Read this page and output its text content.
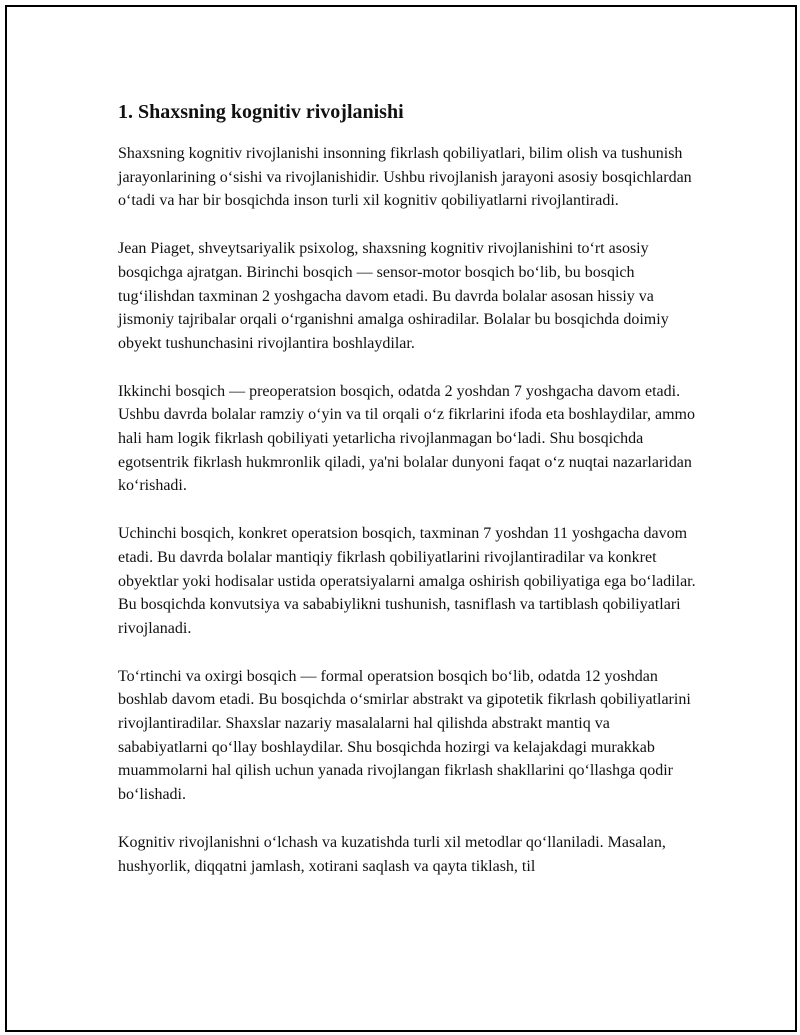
1. Shaxsning kognitiv rivojlanishi

Shaxsning kognitiv rivojlanishi insonning fikrlash qobiliyatlari, bilim olish va tushunish jarayonlarining o‘sishi va rivojlanishidir. Ushbu rivojlanish jarayoni asosiy bosqichlardan o‘tadi va har bir bosqichda inson turli xil kognitiv qobiliyatlarni rivojlantiradi.

Jean Piaget, shveytsariyalik psixolog, shaxsning kognitiv rivojlanishini to‘rt asosiy bosqichga ajratgan. Birinchi bosqich — sensor-motor bosqich bo‘lib, bu bosqich tug‘ilishdan taxminan 2 yoshgacha davom etadi. Bu davrda bolalar asosan hissiy va jismoniy tajribalar orqali o‘rganishni amalga oshiradilar. Bolalar bu bosqichda doimiy obyekt tushunchasini rivojlantira boshlaydilar.

Ikkinchi bosqich — preoperatsion bosqich, odatda 2 yoshdan 7 yoshgacha davom etadi. Ushbu davrda bolalar ramziy o‘yin va til orqali o‘z fikrlarini ifoda eta boshlaydilar, ammo hali ham logik fikrlash qobiliyati yetarlicha rivojlanmagan bo‘ladi. Shu bosqichda egotsentrik fikrlash hukmronlik qiladi, ya'ni bolalar dunyoni faqat o‘z nuqtai nazarlaridan ko‘rishadi.

Uchinchi bosqich, konkret operatsion bosqich, taxminan 7 yoshdan 11 yoshgacha davom etadi. Bu davrda bolalar mantiqiy fikrlash qobiliyatlarini rivojlantiradilar va konkret obyektlar yoki hodisalar ustida operatsiyalarni amalga oshirish qobiliyatiga ega bo‘ladilar. Bu bosqichda konvutsiya va sababiylikni tushunish, tasniflash va tartiblash qobiliyatlari rivojlanadi.

To‘rtinchi va oxirgi bosqich — formal operatsion bosqich bo‘lib, odatda 12 yoshdan boshlab davom etadi. Bu bosqichda o‘smirlar abstrakt va gipotetik fikrlash qobiliyatlarini rivojlantiradilar. Shaxslar nazariy masalalarni hal qilishda abstrakt mantiq va sababiyatlarni qo‘llay boshlaydilar. Shu bosqichda hozirgi va kelajakdagi murakkab muammolarni hal qilish uchun yanada rivojlangan fikrlash shakllarini qo‘llashga qodir bo‘lishadi.

Kognitiv rivojlanishni o‘lchash va kuzatishda turli xil metodlar qo‘llaniladi. Masalan, hushyorlik, diqqatni jamlash, xotirani saqlash va qayta tiklash, til
